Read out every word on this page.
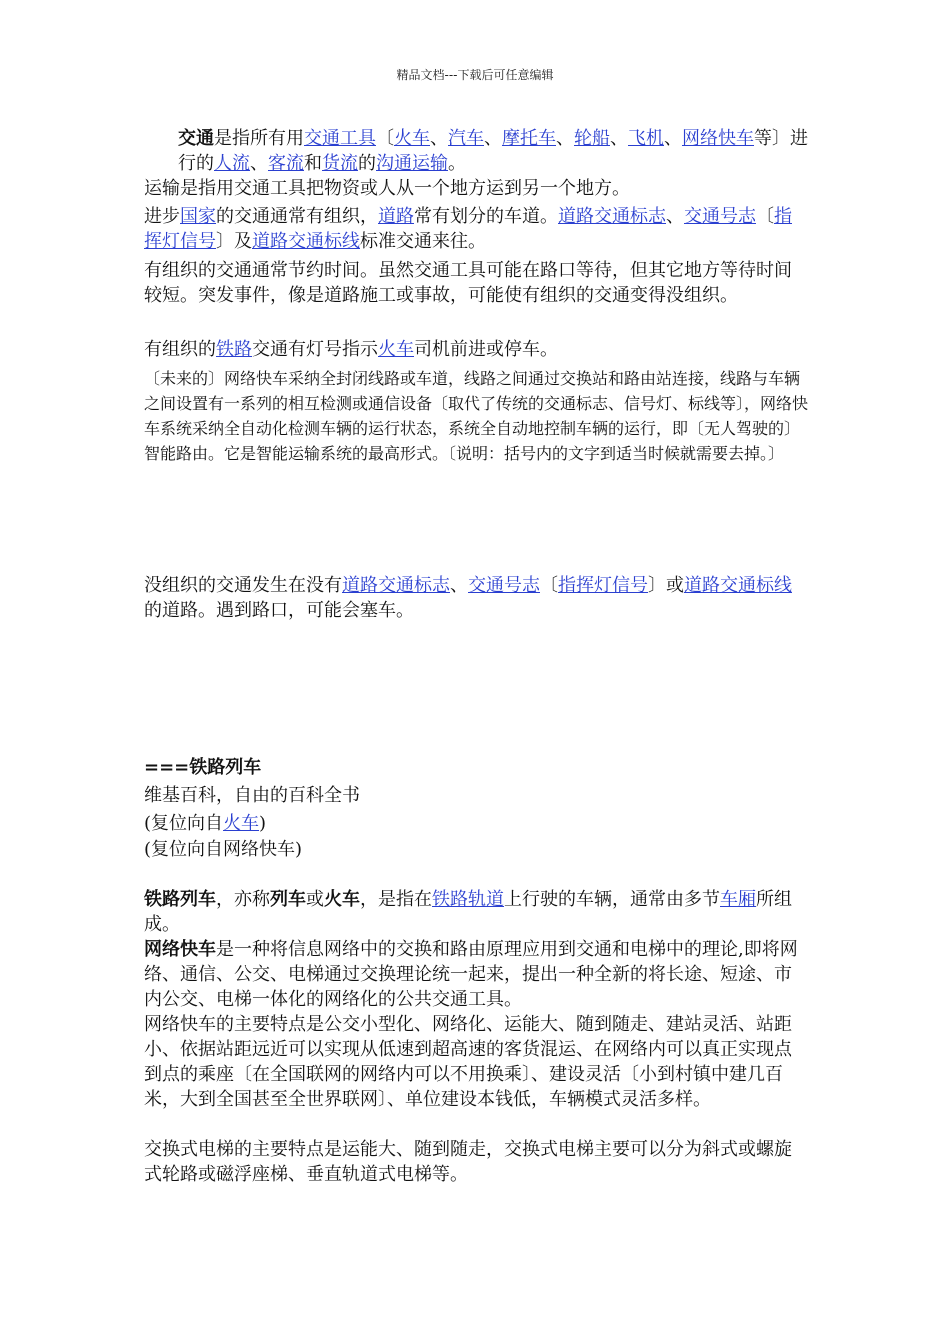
精品文档---下载后可任意编辑

交通是指所有用交通工具〔火车、汽车、摩托车、轮船、飞机、网络快车等〕进行的人流、客流和货流的沟通运输。

运输是指用交通工具把物资或人从一个地方运到另一个地方。

进步国家的交通通常有组织，道路常有划分的车道。道路交通标志、交通号志〔指挥灯信号〕及道路交通标线标准交通来往。

有组织的交通通常节约时间。虽然交通工具可能在路口等待，但其它地方等待时间较短。突发事件，像是道路施工或事故，可能使有组织的交通变得没组织。

有组织的铁路交通有灯号指示火车司机前进或停车。

〔未来的〕网络快车采纳全封闭线路或车道，线路之间通过交换站和路由站连接，线路与车辆之间设置有一系列的相互检测或通信设备〔取代了传统的交通标志、信号灯、标线等〕，网络快车系统采纳全自动化检测车辆的运行状态，系统全自动地控制车辆的运行，即〔无人驾驶的〕智能路由。它是智能运输系统的最高形式。〔说明：括号内的文字到适当时候就需要去掉。〕

没组织的交通发生在没有道路交通标志、交通号志〔指挥灯信号〕或道路交通标线的道路。遇到路口，可能会塞车。

===铁路列车

维基百科，自由的百科全书

(复位向自火车)

(复位向自网络快车)

铁路列车，亦称列车或火车，是指在铁路轨道上行驶的车辆，通常由多节车厢所组成。

网络快车是一种将信息网络中的交换和路由原理应用到交通和电梯中的理论,即将网络、通信、公交、电梯通过交换理论统一起来，提出一种全新的将长途、短途、市内公交、电梯一体化的网络化的公共交通工具。

网络快车的主要特点是公交小型化、网络化、运能大、随到随走、建站灵活、站距小、依据站距远近可以实现从低速到超高速的客货混运、在网络内可以真正实现点到点的乘座〔在全国联网的网络内可以不用换乘〕、建设灵活〔小到村镇中建几百米，大到全国甚至全世界联网〕、单位建设本钱低，车辆模式灵活多样。

交换式电梯的主要特点是运能大、随到随走，交换式电梯主要可以分为斜式或螺旋式轮路或磁浮座梯、垂直轨道式电梯等。
